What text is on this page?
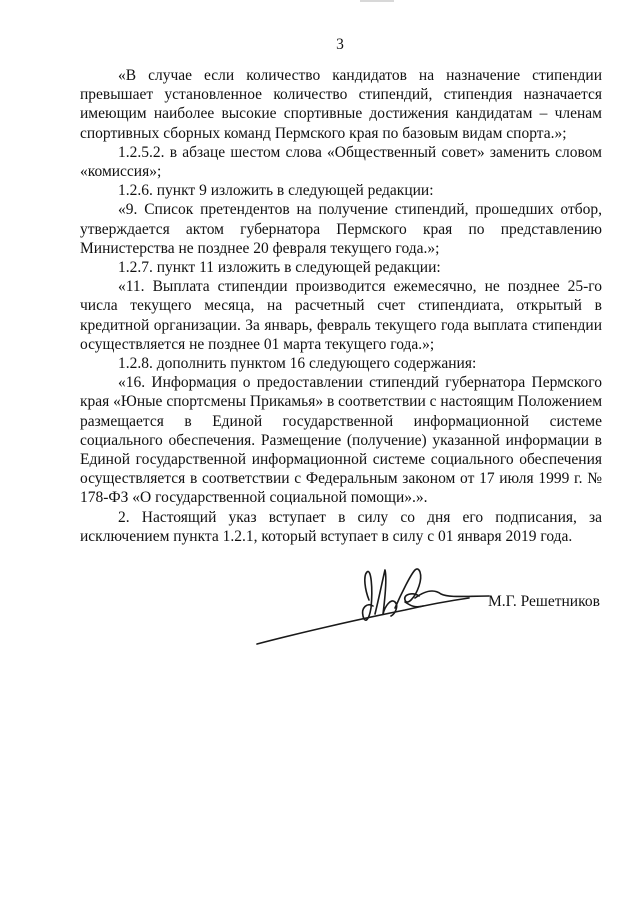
3

«В случае если количество кандидатов на назначение стипендии превышает установленное количество стипендий, стипендия назначается имеющим наиболее высокие спортивные достижения кандидатам – членам спортивных сборных команд Пермского края по базовым видам спорта.»;

1.2.5.2. в абзаце шестом слова «Общественный совет» заменить словом «комиссия»;

1.2.6. пункт 9 изложить в следующей редакции:

«9. Список претендентов на получение стипендий, прошедших отбор, утверждается актом губернатора Пермского края по представлению Министерства не позднее 20 февраля текущего года.»;

1.2.7. пункт 11 изложить в следующей редакции:

«11. Выплата стипендии производится ежемесячно, не позднее 25-го числа текущего месяца, на расчетный счет стипендиата, открытый в кредитной организации. За январь, февраль текущего года выплата стипендии осуществляется не позднее 01 марта текущего года.»;

1.2.8. дополнить пунктом 16 следующего содержания:

«16. Информация о предоставлении стипендий губернатора Пермского края «Юные спортсмены Прикамья» в соответствии с настоящим Положением размещается в Единой государственной информационной системе социального обеспечения. Размещение (получение) указанной информации в Единой государственной информационной системе социального обеспечения осуществляется в соответствии с Федеральным законом от 17 июля 1999 г. № 178-ФЗ «О государственной социальной помощи».».

2. Настоящий указ вступает в силу со дня его подписания, за исключением пункта 1.2.1, который вступает в силу с 01 января 2019 года.

М.Г. Решетников
